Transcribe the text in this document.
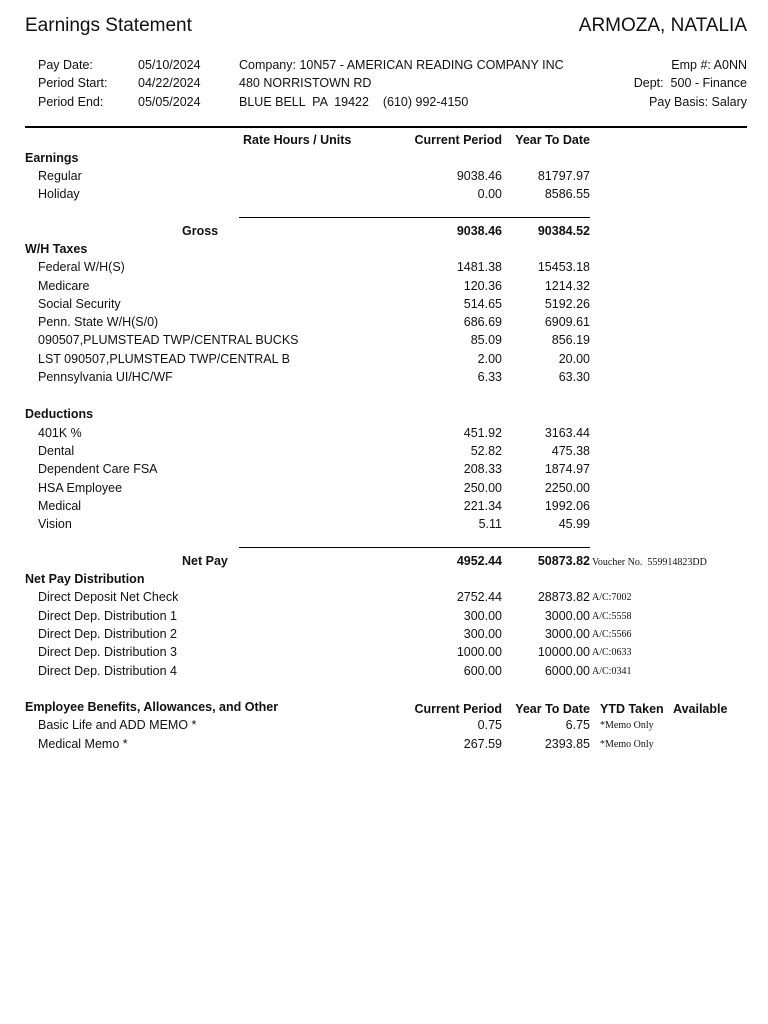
Earnings Statement	ARMOZA, NATALIA
Pay Date:	05/10/2024
Period Start: 04/22/2024
Period End:	05/05/2024
Company: 10N57 - AMERICAN READING COMPANY INC
480 NORRISTOWN RD
BLUE BELL  PA  19422    (610) 992-4150
Emp #: A0NN
Dept:  500 - Finance
Pay Basis: Salary
Rate Hours / Units	Current Period	Year To Date
Earnings
Regular	9038.46	81797.97
Holiday	0.00	8586.55
Gross	9038.46	90384.52
W/H Taxes
Federal W/H(S)	1481.38	15453.18
Medicare	120.36	1214.32
Social Security	514.65	5192.26
Penn. State W/H(S/0)	686.69	6909.61
090507,PLUMSTEAD TWP/CENTRAL BUCKS	85.09	856.19
LST 090507,PLUMSTEAD TWP/CENTRAL B	2.00	20.00
Pennsylvania UI/HC/WF	6.33	63.30
Deductions
401K %	451.92	3163.44
Dental	52.82	475.38
Dependent Care FSA	208.33	1874.97
HSA Employee	250.00	2250.00
Medical	221.34	1992.06
Vision	5.11	45.99
Net Pay	4952.44	50873.82 Voucher No.  559914823DD
Net Pay Distribution
Direct Deposit Net Check	2752.44	28873.82 A/C:7002
Direct Dep. Distribution 1	300.00	3000.00 A/C:5558
Direct Dep. Distribution 2	300.00	3000.00 A/C:5566
Direct Dep. Distribution 3	1000.00	10000.00 A/C:0633
Direct Dep. Distribution 4	600.00	6000.00 A/C:0341
Employee Benefits, Allowances, and Other	Current Period	Year To Date YTD Taken Available
Basic Life and ADD MEMO *	0.75	6.75 *Memo Only
Medical Memo *	267.59	2393.85 *Memo Only
